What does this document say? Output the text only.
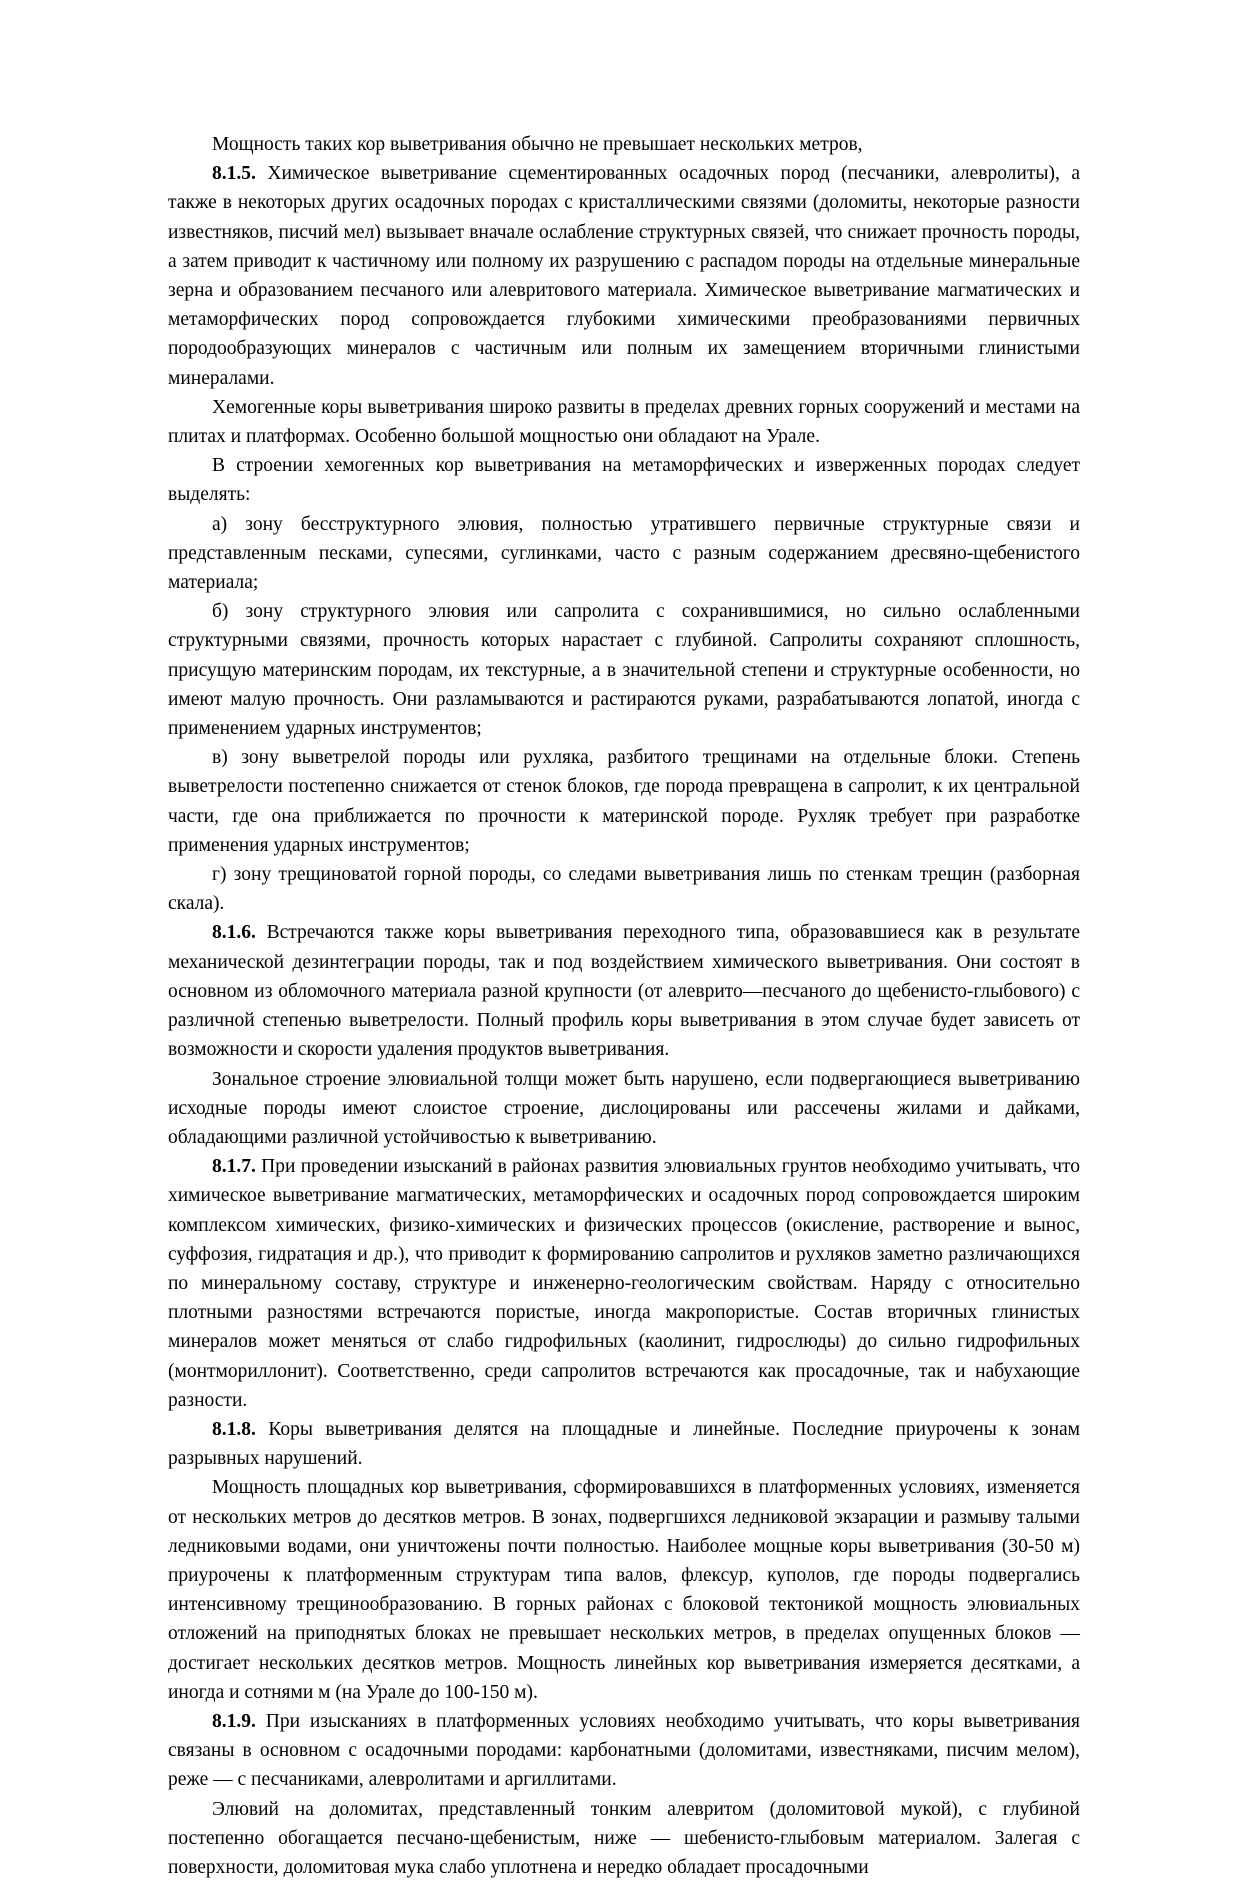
Мощность таких кор выветривания обычно не превышает нескольких метров,

8.1.5. Химическое выветривание сцементированных осадочных пород (песчаники, алевролиты), а также в некоторых других осадочных породах с кристаллическими связями (доломиты, некоторые разности известняков, писчий мел) вызывает вначале ослабление структурных связей, что снижает прочность породы, а затем приводит к частичному или полному их разрушению с распадом породы на отдельные минеральные зерна и образованием песчаного или алевритового материала. Химическое выветривание магматических и метаморфических пород сопровождается глубокими химическими преобразованиями первичных породообразующих минералов с частичным или полным их замещением вторичными глинистыми минералами.

Хемогенные коры выветривания широко развиты в пределах древних горных сооружений и местами на плитах и платформах. Особенно большой мощностью они обладают на Урале.

В строении хемогенных кор выветривания на метаморфических и изверженных породах следует выделять:

а) зону бесструктурного элювия, полностью утратившего первичные структурные связи и представленным песками, супесями, суглинками, часто с разным содержанием дресвяно-щебенистого материала;

б) зону структурного элювия или сапролита с сохранившимися, но сильно ослабленными структурными связями, прочность которых нарастает с глубиной. Сапролиты сохраняют сплошность, присущую материнским породам, их текстурные, а в значительной степени и структурные особенности, но имеют малую прочность. Они разламываются и растираются руками, разрабатываются лопатой, иногда с применением ударных инструментов;

в) зону выветрелой породы или рухляка, разбитого трещинами на отдельные блоки. Степень выветрелости постепенно снижается от стенок блоков, где порода превращена в сапролит, к их центральной части, где она приближается по прочности к материнской породе. Рухляк требует при разработке применения ударных инструментов;

г) зону трещиноватой горной породы, со следами выветривания лишь по стенкам трещин (разборная скала).

8.1.6. Встречаются также коры выветривания переходного типа, образовавшиеся как в результате механической дезинтеграции породы, так и под воздействием химического выветривания. Они состоят в основном из обломочного материала разной крупности (от алеврито—песчаного до щебенисто-глыбового) с различной степенью выветрелости. Полный профиль коры выветривания в этом случае будет зависеть от возможности и скорости удаления продуктов выветривания.

Зональное строение элювиальной толщи может быть нарушено, если подвергающиеся выветриванию исходные породы имеют слоистое строение, дислоцированы или рассечены жилами и дайками, обладающими различной устойчивостью к выветриванию.

8.1.7. При проведении изысканий в районах развития элювиальных грунтов необходимо учитывать, что химическое выветривание магматических, метаморфических и осадочных пород сопровождается широким комплексом химических, физико-химических и физических процессов (окисление, растворение и вынос, суффозия, гидратация и др.), что приводит к формированию сапролитов и рухляков заметно различающихся по минеральному составу, структуре и инженерно-геологическим свойствам. Наряду с относительно плотными разностями встречаются пористые, иногда макропористые. Состав вторичных глинистых минералов может меняться от слабо гидрофильных (каолинит, гидрослюды) до сильно гидрофильных (монтмориллонит). Соответственно, среди сапролитов встречаются как просадочные, так и набухающие разности.

8.1.8. Коры выветривания делятся на площадные и линейные. Последние приурочены к зонам разрывных нарушений.

Мощность площадных кор выветривания, сформировавшихся в платформенных условиях, изменяется от нескольких метров до десятков метров. В зонах, подвергшихся ледниковой экзарации и размыву талыми ледниковыми водами, они уничтожены почти полностью. Наиболее мощные коры выветривания (30-50 м) приурочены к платформенным структурам типа валов, флексур, куполов, где породы подвергались интенсивному трещинообразованию. В горных районах с блоковой тектоникой мощность элювиальных отложений на приподнятых блоках не превышает нескольких метров, в пределах опущенных блоков — достигает нескольких десятков метров. Мощность линейных кор выветривания измеряется десятками, а иногда и сотнями м (на Урале до 100-150 м).

8.1.9. При изысканиях в платформенных условиях необходимо учитывать, что коры выветривания связаны в основном с осадочными породами: карбонатными (доломитами, известняками, писчим мелом), реже — с песчаниками, алевролитами и аргиллитами.

Элювий на доломитах, представленный тонким алевритом (доломитовой мукой), с глубиной постепенно обогащается песчано-щебенистым, ниже — шебенисто-глыбовым материалом. Залегая с поверхности, доломитовая мука слабо уплотнена и нередко обладает просадочными
